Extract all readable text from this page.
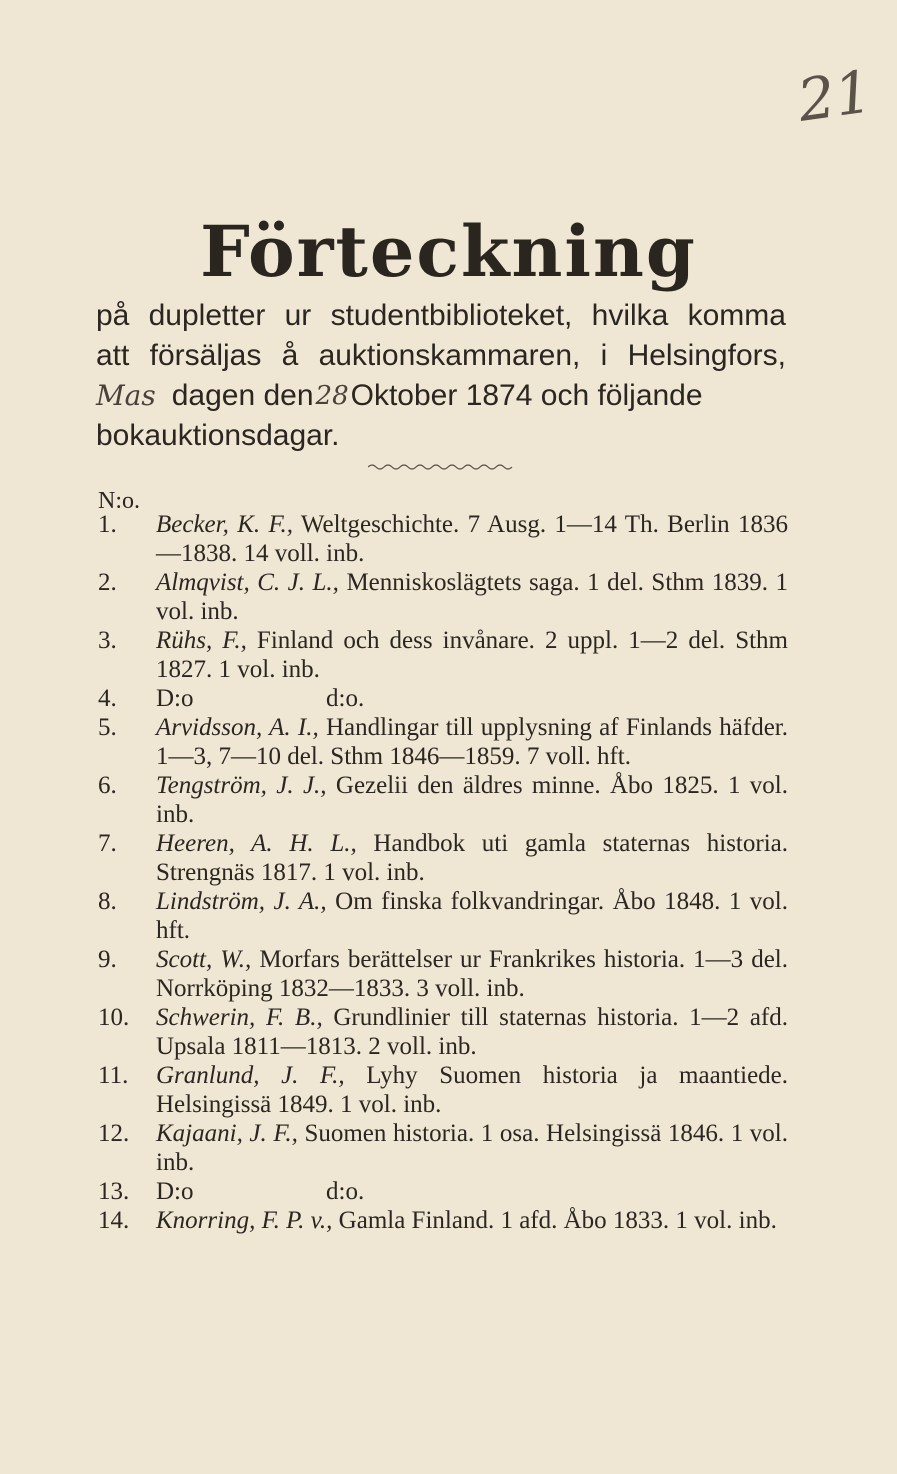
21
Förteckning
på dupletter ur studentbiblioteket, hvilka komma
att försäljas å auktionskammaren, i Helsingfors,
Mas dagen den 28 Oktober 1874 och följande
bokauktionsdagar.
N:o.
1.	Becker, K. F., Weltgeschichte. 7 Ausg. 1—14 Th. Berlin 1836—1838. 14 voll. inb.
2.	Almqvist, C. J. L., Menniskoslägtets saga. 1 del. Sthm 1839. 1 vol. inb.
3.	Rühs, F., Finland och dess invånare. 2 uppl. 1—2 del. Sthm 1827. 1 vol. inb.
4.	D:o	d:o.
5.	Arvidsson, A. I., Handlingar till upplysning af Finlands häfder. 1—3, 7—10 del. Sthm 1846—1859. 7 voll. hft.
6.	Tengström, J. J., Gezelii den äldres minne. Åbo 1825. 1 vol. inb.
7.	Heeren, A. H. L., Handbok uti gamla staternas historia. Strengnäs 1817. 1 vol. inb.
8.	Lindström, J. A., Om finska folkvandringar. Åbo 1848. 1 vol. hft.
9.	Scott, W., Morfars berättelser ur Frankrikes historia. 1—3 del. Norrköping 1832—1833. 3 voll. inb.
10.	Schwerin, F. B., Grundlinier till staternas historia. 1—2 afd. Upsala 1811—1813. 2 voll. inb.
11.	Granlund, J. F., Lyhy Suomen historia ja maantiede. Helsingissä 1849. 1 vol. inb.
12.	Kajaani, J. F., Suomen historia. 1 osa. Helsingissä 1846. 1 vol. inb.
13.	D:o	d:o.
14.	Knorring, F. P. v., Gamla Finland. 1 afd. Åbo 1833. 1 vol. inb.
